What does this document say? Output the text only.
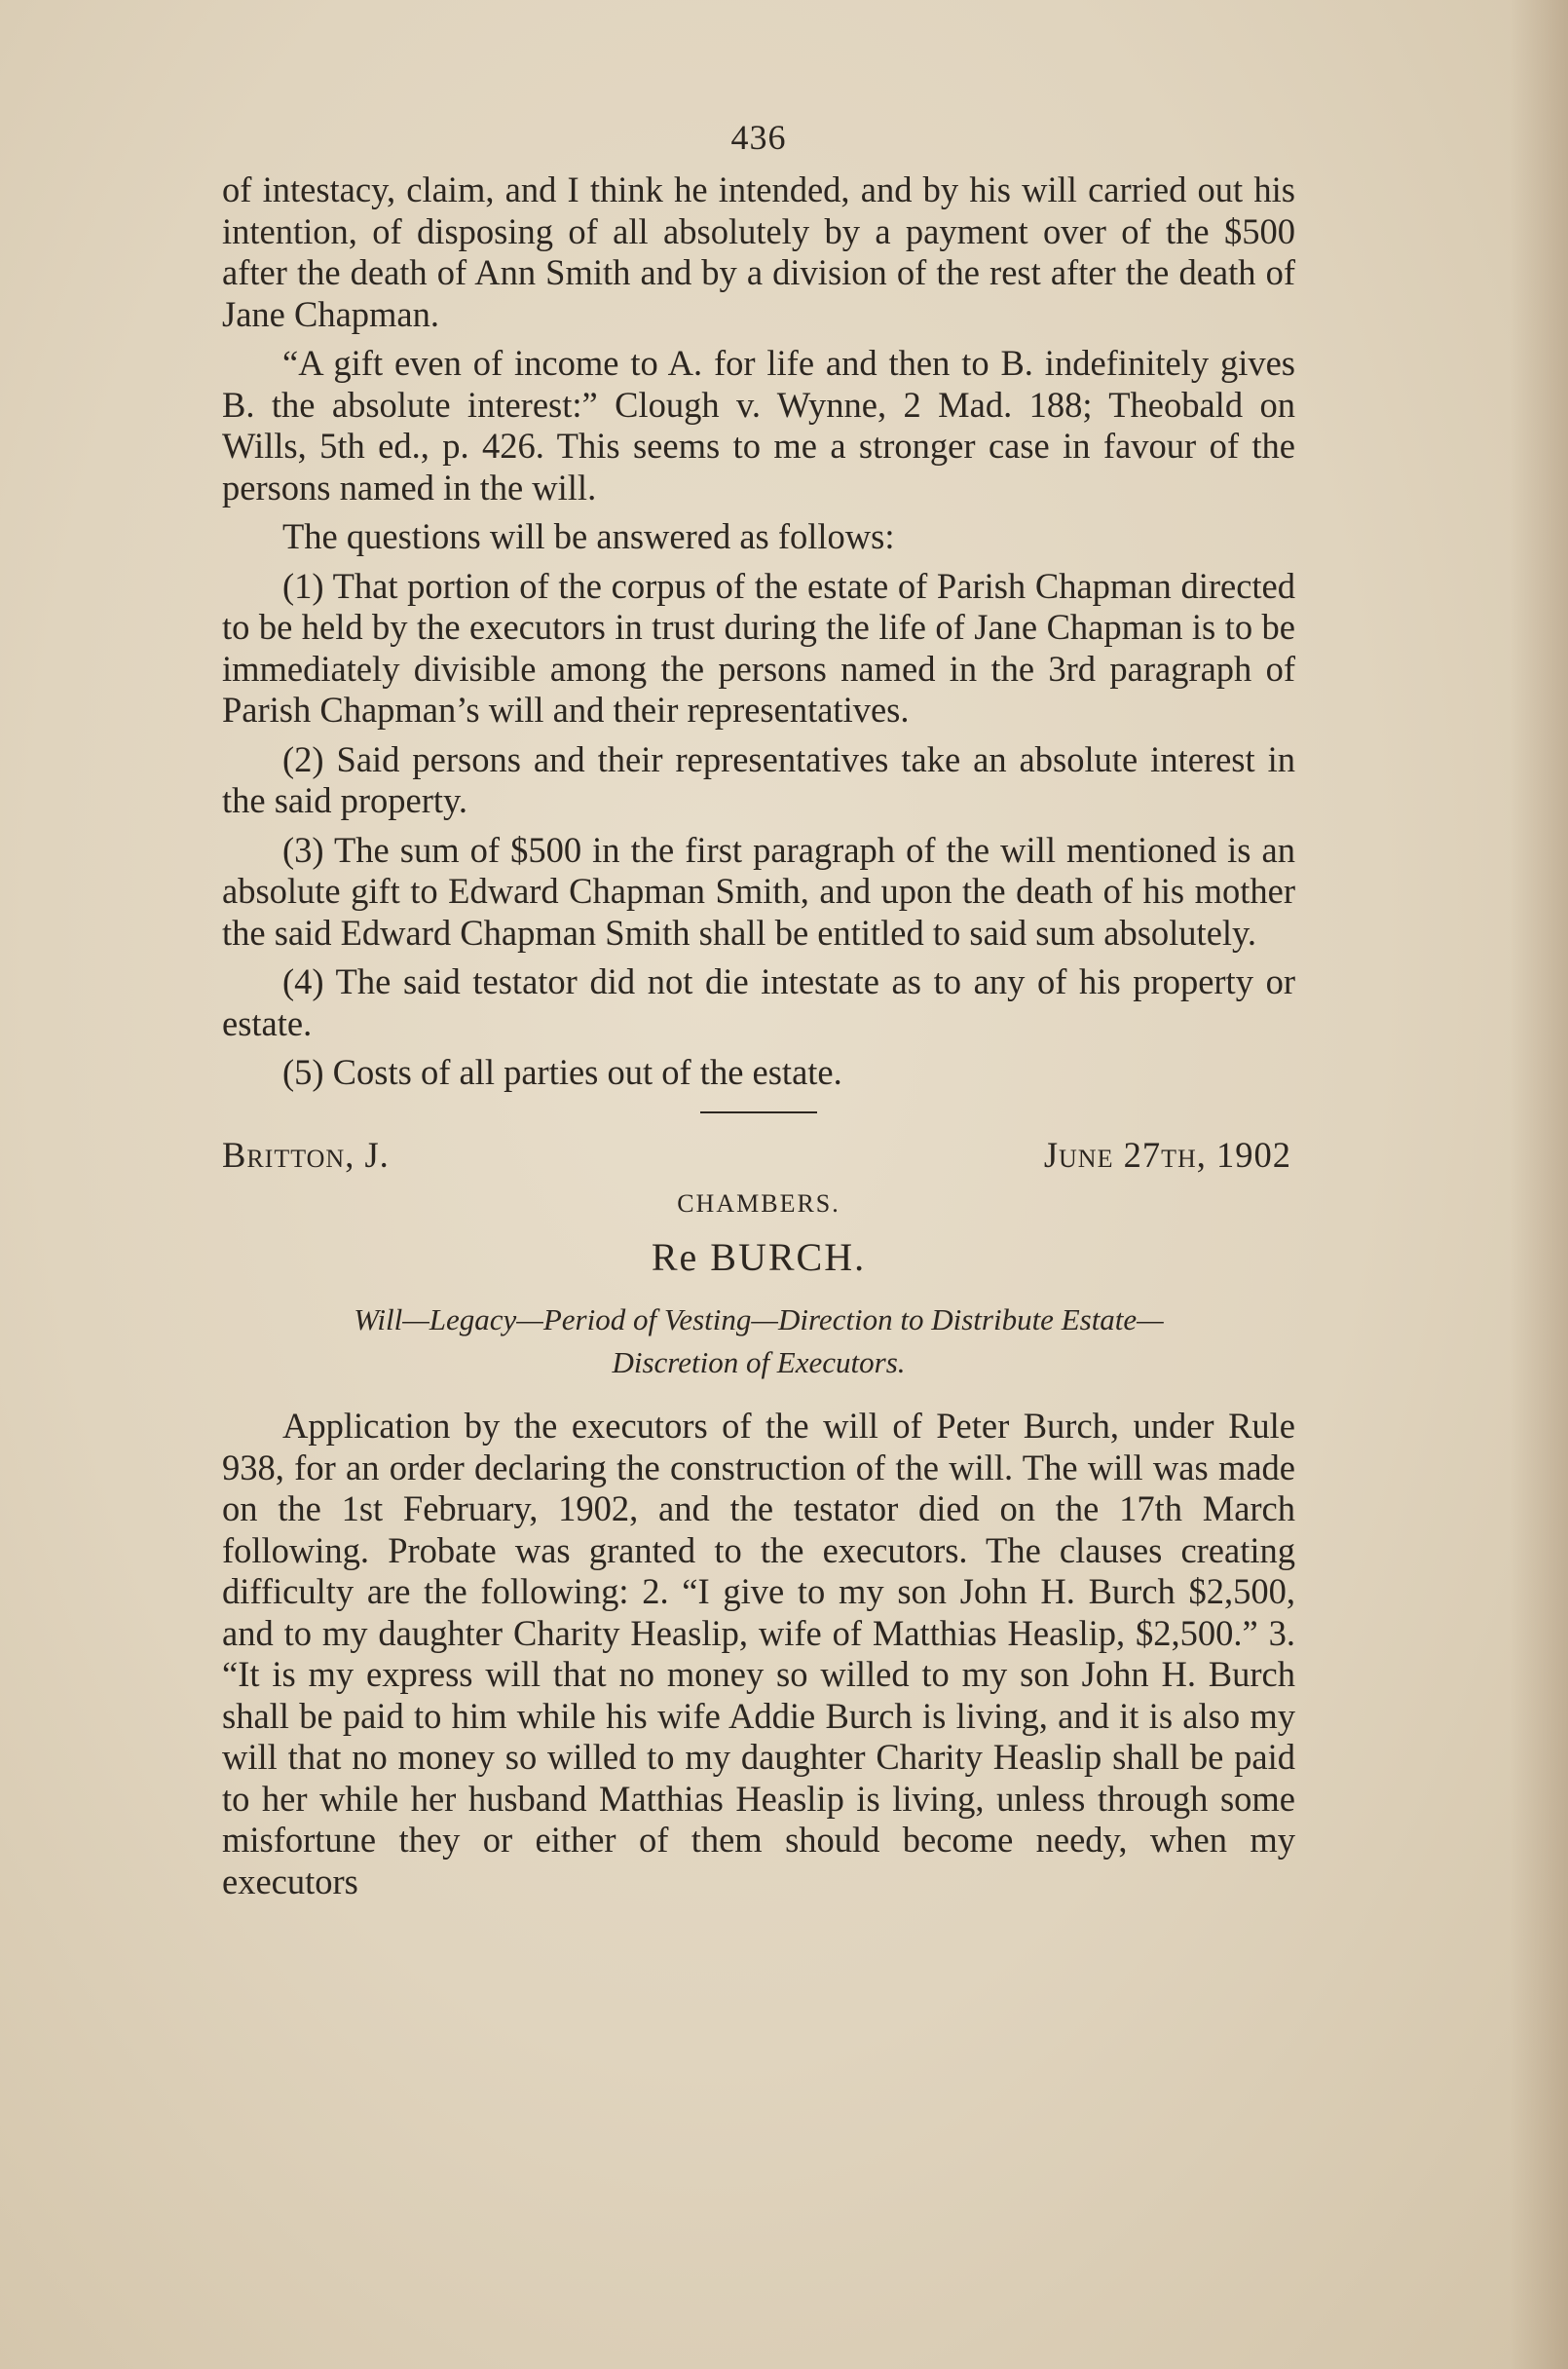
436

of intestacy, claim, and I think he intended, and by his will carried out his intention, of disposing of all absolutely by a payment over of the $500 after the death of Ann Smith and by a division of the rest after the death of Jane Chapman.

“A gift even of income to A. for life and then to B. indefinitely gives B. the absolute interest:” Clough v. Wynne, 2 Mad. 188; Theobald on Wills, 5th ed., p. 426. This seems to me a stronger case in favour of the persons named in the will.

The questions will be answered as follows:

(1) That portion of the corpus of the estate of Parish Chapman directed to be held by the executors in trust during the life of Jane Chapman is to be immediately divisible among the persons named in the 3rd paragraph of Parish Chapman’s will and their representatives.

(2) Said persons and their representatives take an absolute interest in the said property.

(3) The sum of $500 in the first paragraph of the will mentioned is an absolute gift to Edward Chapman Smith, and upon the death of his mother the said Edward Chapman Smith shall be entitled to said sum absolutely.

(4) The said testator did not die intestate as to any of his property or estate.

(5) Costs of all parties out of the estate.

Britton, J.	June 27th, 1902
CHAMBERS.
Re BURCH.
Will—Legacy—Period of Vesting—Direction to Distribute Estate—
Discretion of Executors.

Application by the executors of the will of Peter Burch, under Rule 938, for an order declaring the construction of the will. The will was made on the 1st February, 1902, and the testator died on the 17th March following. Probate was granted to the executors. The clauses creating difficulty are the following: 2. “I give to my son John H. Burch $2,500, and to my daughter Charity Heaslip, wife of Matthias Heaslip, $2,500.” 3. “It is my express will that no money so willed to my son John H. Burch shall be paid to him while his wife Addie Burch is living, and it is also my will that no money so willed to my daughter Charity Heaslip shall be paid to her while her husband Matthias Heaslip is living, unless through some misfortune they or either of them should become needy, when my executors
